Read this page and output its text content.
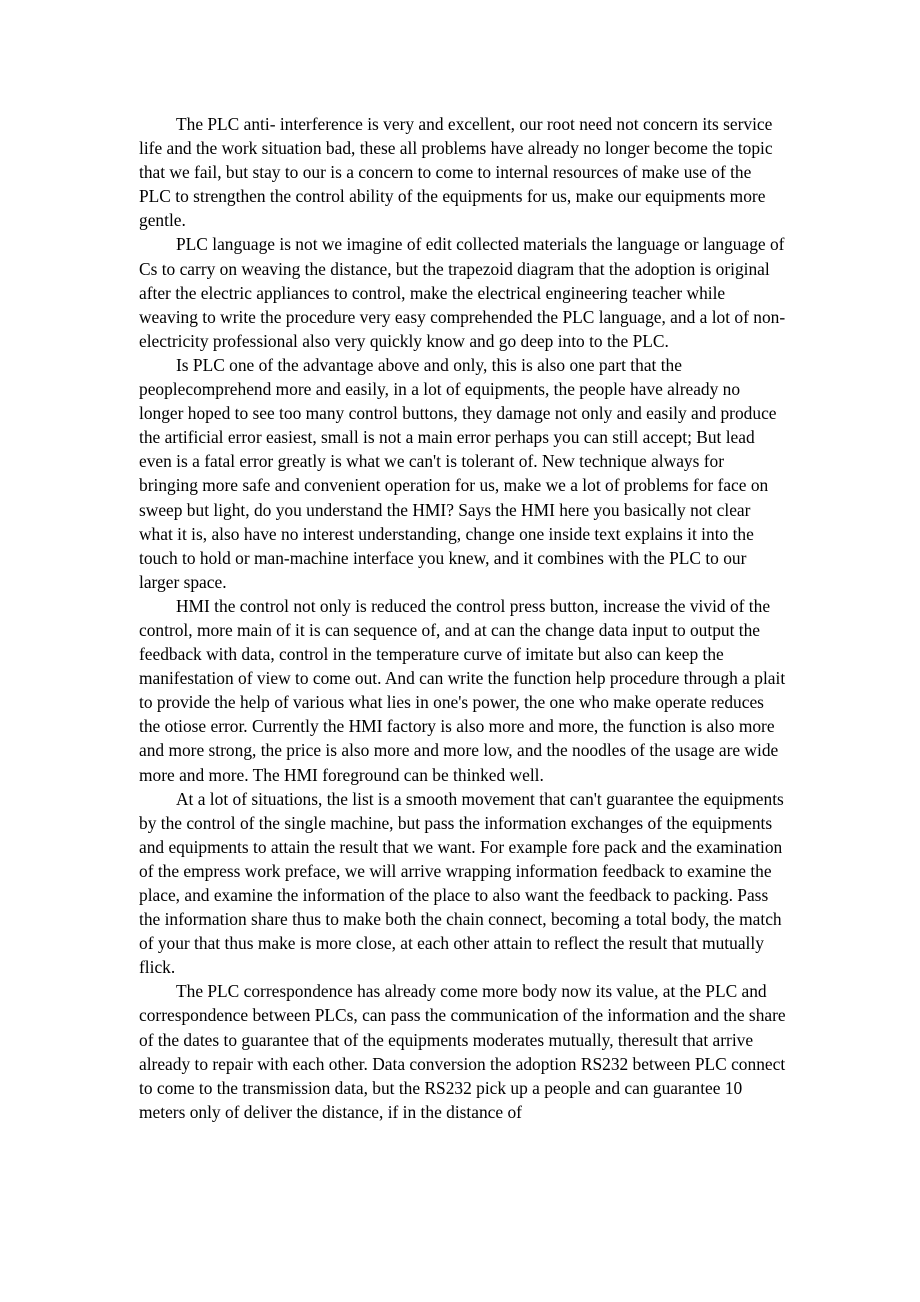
The PLC anti- interference is very and excellent, our root need not concern its service life and the work situation bad, these all problems have already no longer become the topic that we fail, but stay to our is a concern to come to internal resources of make use of the PLC to strengthen the control ability of the equipments for us, make our equipments more gentle.

PLC language is not we imagine of edit collected materials the language or language of Cs to carry on weaving the distance, but the trapezoid diagram that the adoption is original after the electric appliances to control, make the electrical engineering teacher while weaving to write the procedure very easy comprehended the PLC language, and a lot of non- electricity professional also very quickly know and go deep into to the PLC.

Is PLC one of the advantage above and only, this is also one part that the peoplecomprehend more and easily, in a lot of equipments, the people have already no longer hoped to see too many control buttons, they damage not only and easily and produce the artificial error easiest, small is not a main error perhaps you can still accept; But lead even is a fatal error greatly is what we can't is tolerant of. New technique always for bringing more safe and convenient operation for us, make we a lot of problems for face on sweep but light, do you understand the HMI? Says the HMI here you basically not clear what it is, also have no interest understanding, change one inside text explains it into the touch to hold or man-machine interface you knew, and it combines with the PLC to our larger space.

HMI the control not only is reduced the control press button, increase the vivid of the control, more main of it is can sequence of, and at can the change data input to output the feedback with data, control in the temperature curve of imitate but also can keep the manifestation of view to come out. And can write the function help procedure through a plait to provide the help of various what lies in one's power, the one who make operate reduces the otiose error. Currently the HMI factory is also more and more, the function is also more and more strong, the price is also more and more low, and the noodles of the usage are wide more and more. The HMI foreground can be thinked well.

At a lot of situations, the list is a smooth movement that can't guarantee the equipments by the control of the single machine, but pass the information exchanges of the equipments and equipments to attain the result that we want. For example fore pack and the examination of the empress work preface, we will arrive wrapping information feedback to examine the place, and examine the information of the place to also want the feedback to packing. Pass the information share thus to make both the chain connect, becoming a total body, the match of your that thus make is more close, at each other attain to reflect the result that mutually flick.

The PLC correspondence has already come more body now its value, at the PLC and correspondence between PLCs, can pass the communication of the information and the share of the dates to guarantee that of the equipments moderates mutually, theresult that arrive already to repair with each other. Data conversion the adoption RS232 between PLC connect to come to the transmission data, but the RS232 pick up a people and can guarantee 10 meters only of deliver the distance, if in the distance of
